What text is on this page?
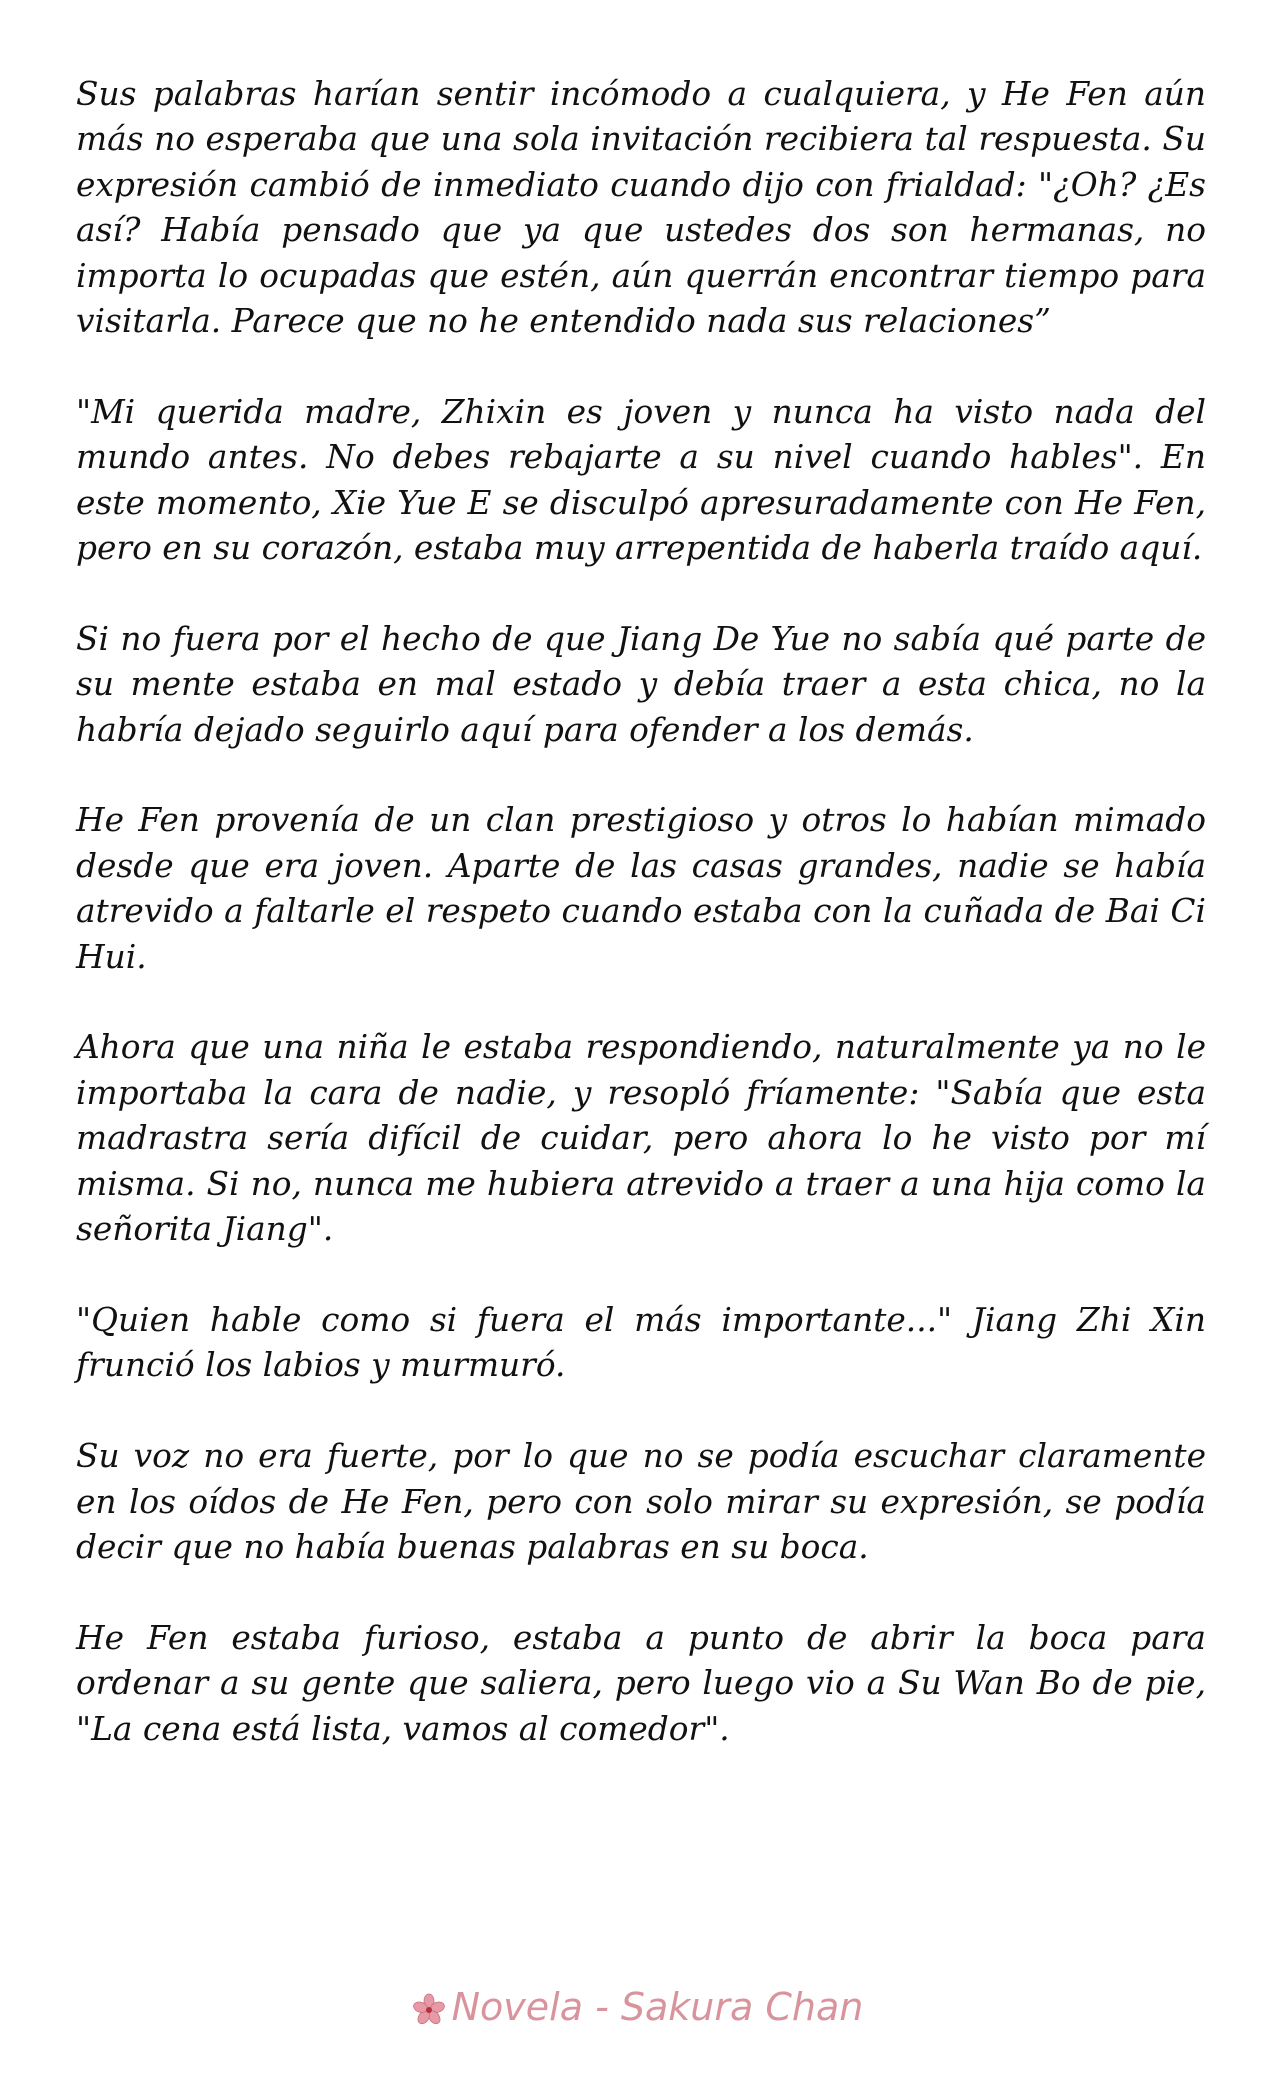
Sus palabras harían sentir incómodo a cualquiera, y He Fen aún más no esperaba que una sola invitación recibiera tal respuesta. Su expresión cambió de inmediato cuando dijo con frialdad: "¿Oh? ¿Es así? Había pensado que ya que ustedes dos son hermanas, no importa lo ocupadas que estén, aún querrán encontrar tiempo para visitarla. Parece que no he entendido nada sus relaciones”

"Mi querida madre, Zhixin es joven y nunca ha visto nada del mundo antes. No debes rebajarte a su nivel cuando hables". En este momento, Xie Yue E se disculpó apresuradamente con He Fen, pero en su corazón, estaba muy arrepentida de haberla traído aquí.

Si no fuera por el hecho de que Jiang De Yue no sabía qué parte de su mente estaba en mal estado y debía traer a esta chica, no la habría dejado seguirlo aquí para ofender a los demás.

He Fen provenía de un clan prestigioso y otros lo habían mimado desde que era joven. Aparte de las casas grandes, nadie se había atrevido a faltarle el respeto cuando estaba con la cuñada de Bai Ci Hui.

Ahora que una niña le estaba respondiendo, naturalmente ya no le importaba la cara de nadie, y resopló fríamente: "Sabía que esta madrastra sería difícil de cuidar, pero ahora lo he visto por mí misma. Si no, nunca me hubiera atrevido a traer a una hija como la señorita Jiang".

"Quien hable como si fuera el más importante..." Jiang Zhi Xin frunció los labios y murmuró.

Su voz no era fuerte, por lo que no se podía escuchar claramente en los oídos de He Fen, pero con solo mirar su expresión, se podía decir que no había buenas palabras en su boca.

He Fen estaba furioso, estaba a punto de abrir la boca para ordenar a su gente que saliera, pero luego vio a Su Wan Bo de pie, "La cena está lista, vamos al comedor".

Novela - Sakura Chan
